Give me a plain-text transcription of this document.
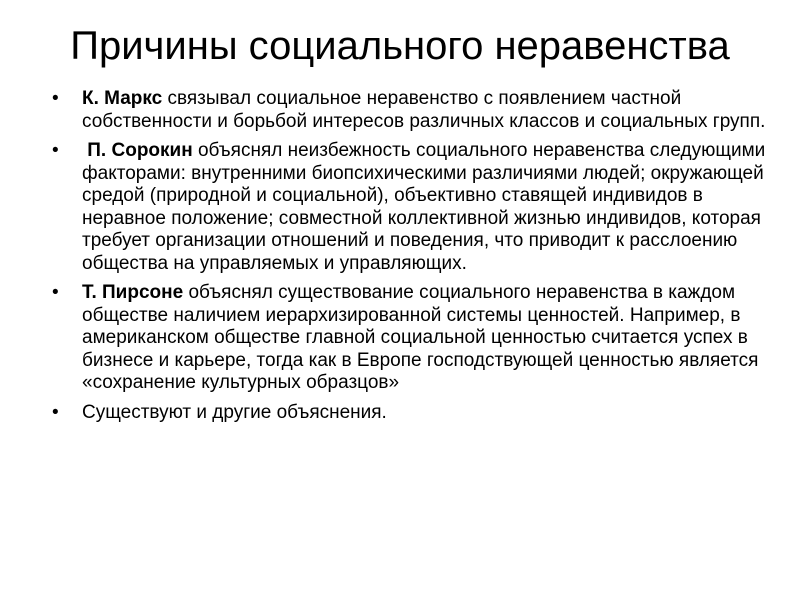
Причины социального неравенства
•	К. Маркс связывал социальное неравенство с появлением частной собственности и борьбой интересов различных классов и социальных групп.
•	П. Сорокин объяснял неизбежность социального неравенства следующими факторами: внутренними биопсихическими различиями людей; окружающей средой (природной и социальной), объективно ставящей индивидов в неравное положение; совместной коллективной жизнью индивидов, которая требует организации отношений и поведения, что приводит к расслоению общества на управляемых и управляющих.
•	Т. Пирсоне объяснял существование социального неравенства в каждом обществе наличием иерархизированной системы ценностей. Например, в американском обществе главной социальной ценностью считается успех в бизнесе и карьере, тогда как в Европе господствующей ценностью является «сохранение культурных образцов»
•	Существуют и другие объяснения.
